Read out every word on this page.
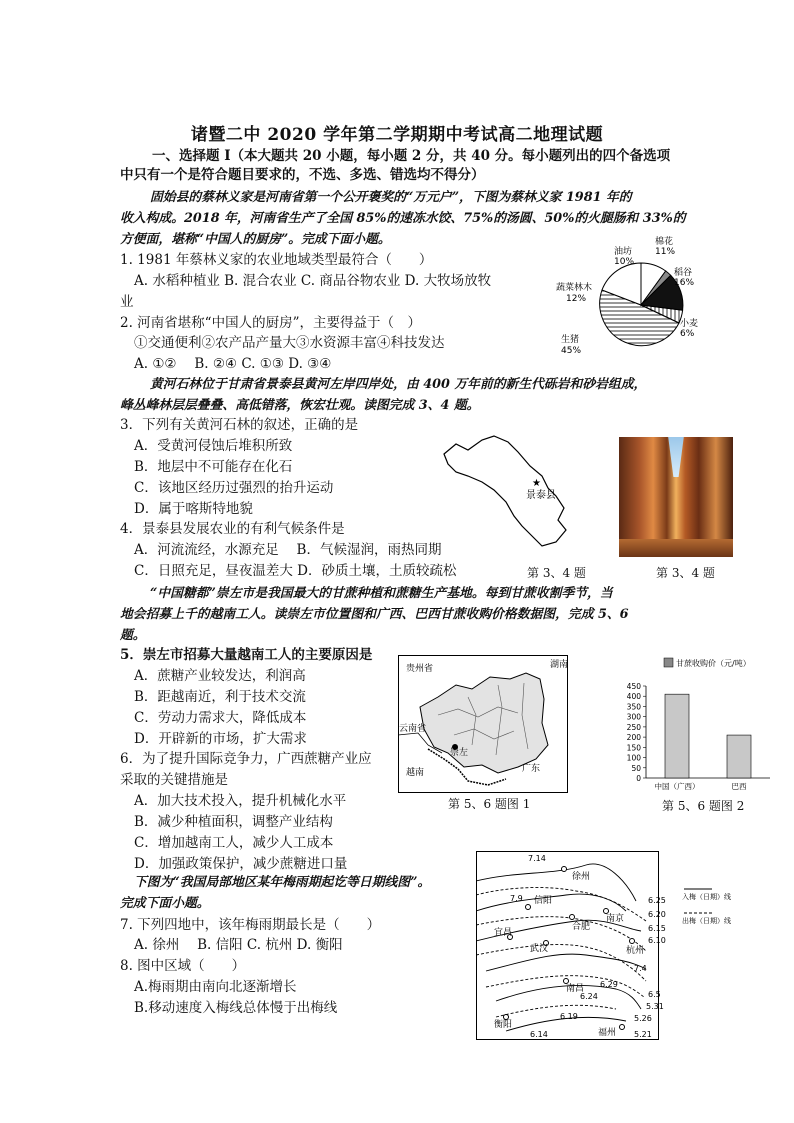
诸暨二中 2020 学年第二学期期中考试高二地理试题
一、选择题 I（本大题共 20 小题，每小题 2 分，共 40 分。每小题列出的四个备选项
中只有一个是符合题目要求的，不选、多选、错选均不得分）
固始县的蔡林义家是河南省第一个公开褒奖的“万元户”，下图为蔡林义家 1981 年的
收入构成。2018 年，河南省生产了全国 85%的速冻水饺、75%的汤圆、50%的火腿肠和 33%的
方便面，堪称“中国人的厨房”。完成下面小题。
1. 1981 年蔡林义家的农业地域类型最符合（　　）
A. 水稻种植业 B. 混合农业 C. 商品谷物农业 D. 大牧场放牧
业
2. 河南省堪称“中国人的厨房”，主要得益于（　）
①交通便利②农产品产量大③水资源丰富④科技发达
A. ①②　 B. ②④ C. ①③ D. ③④
油坊
10%
棉花
11%
稻谷
16%
小麦
6%
生猪
45%
蔬菜林木
12%
黄河石林位于甘肃省景泰县黄河左岸四岸处，由 400 万年前的新生代砾岩和砂岩组成，
峰丛峰林层层叠叠、高低错落，恢宏壮观。读图完成 3、4 题。
3．下列有关黄河石林的叙述，正确的是
A．受黄河侵蚀后堆积所致
B．地层中不可能存在化石
C．该地区经历过强烈的抬升运动
D．属于喀斯特地貌
4．景泰县发展农业的有利气候条件是
A．河流流经，水源充足　 B．气候湿润，雨热同期
C．日照充足，昼夜温差大 D．砂质土壤，土质较疏松
★
景泰县
第 3、4 题	第 3、4 题
“中国糖都”崇左市是我国最大的甘蔗种植和蔗糖生产基地。每到甘蔗收割季节，当
地会招募上千的越南工人。读崇左市位置图和广西、巴西甘蔗收购价格数据图，完成 5、6
题。
5．崇左市招募大量越南工人的主要原因是
A．蔗糖产业较发达，利润高
B．距越南近，利于技术交流
C．劳动力需求大，降低成本
D．开辟新的市场，扩大需求
6．为了提升国际竞争力，广西蔗糖产业应
采取的关键措施是
A．加大技术投入，提升机械化水平
B．减少种植面积，调整产业结构
C．增加越南工人，减少人工成本
D．加强政策保护，减少蔗糖进口量
贵州省	湖南
云南省
崇左
越南	广东
第 5、6 题图 1
甘蔗收购价（元/吨）
0
50
100
150
200
250
300
350
400
450
中国（广西）	巴西
第 5、6 题图 2
下图为“我国局部地区某年梅雨期起讫等日期线图”。
完成下面小题。
7. 下列四地中，该年梅雨期最长是（　　）
A. 徐州　 B. 信阳 C. 杭州 D. 衡阳
8. 图中区域（　　）
A.梅雨期由南向北逐渐增长
B.移动速度入梅线总体慢于出梅线
徐州
信阳
合肥
南京
宜昌
武汉	杭州
南昌
衡阳
福州
7.14
7.9	6.25
6.20
6.15
6.10
7.4
6.5
5.31
6.29
6.24
6.19	5.26
6.14	5.21
入梅（日期）线
出梅（日期）线
